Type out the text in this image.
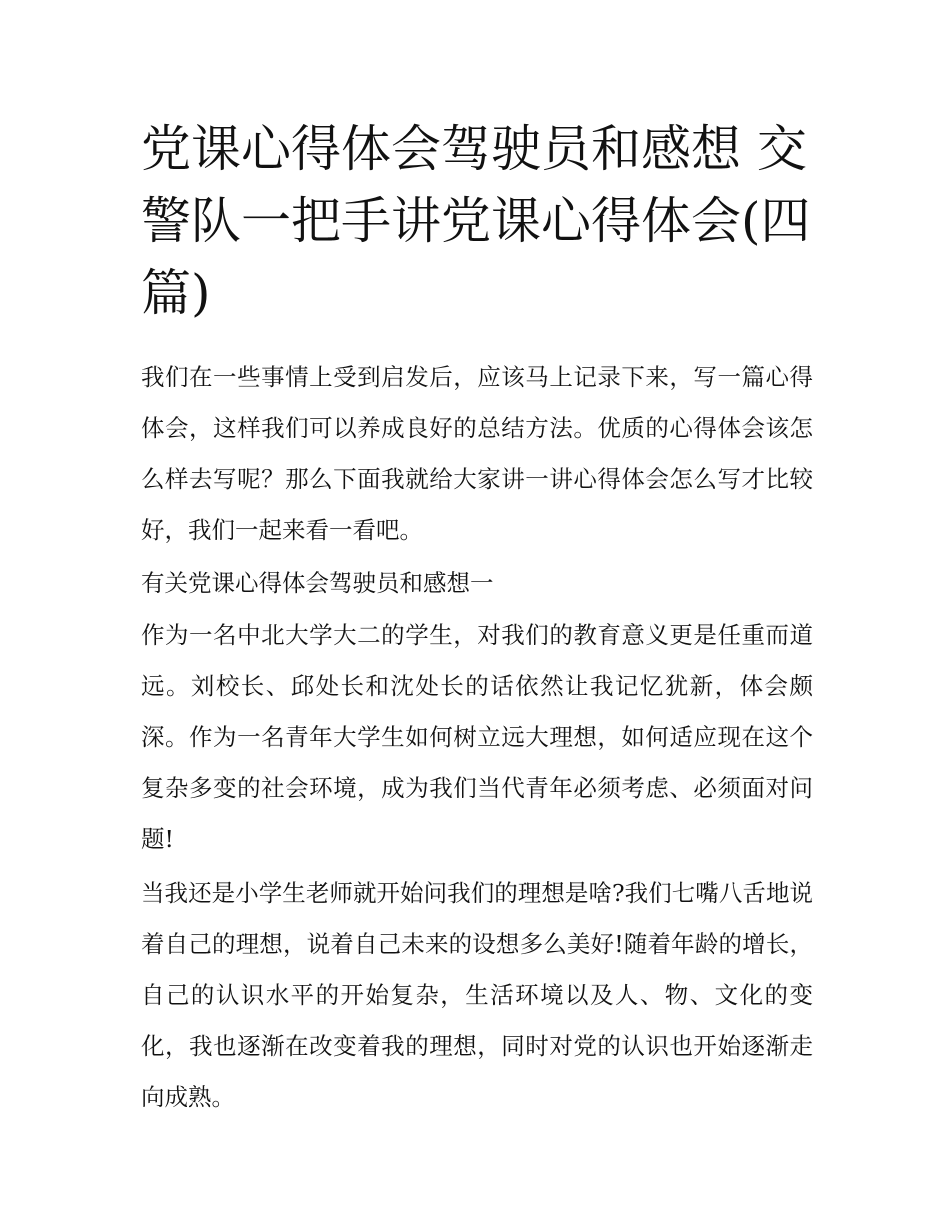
党课心得体会驾驶员和感想 交警队一把手讲党课心得体会(四篇)

我们在一些事情上受到启发后，应该马上记录下来，写一篇心得体会，这样我们可以养成良好的总结方法。优质的心得体会该怎么样去写呢？那么下面我就给大家讲一讲心得体会怎么写才比较好，我们一起来看一看吧。

有关党课心得体会驾驶员和感想一

作为一名中北大学大二的学生，对我们的教育意义更是任重而道远。刘校长、邱处长和沈处长的话依然让我记忆犹新，体会颇深。作为一名青年大学生如何树立远大理想，如何适应现在这个复杂多变的社会环境，成为我们当代青年必须考虑、必须面对问题!

当我还是小学生老师就开始问我们的理想是啥?我们七嘴八舌地说着自己的理想，说着自己未来的设想多么美好!随着年龄的增长，自己的认识水平的开始复杂，生活环境以及人、物、文化的变化，我也逐渐在改变着我的理想，同时对党的认识也开始逐渐走向成熟。
